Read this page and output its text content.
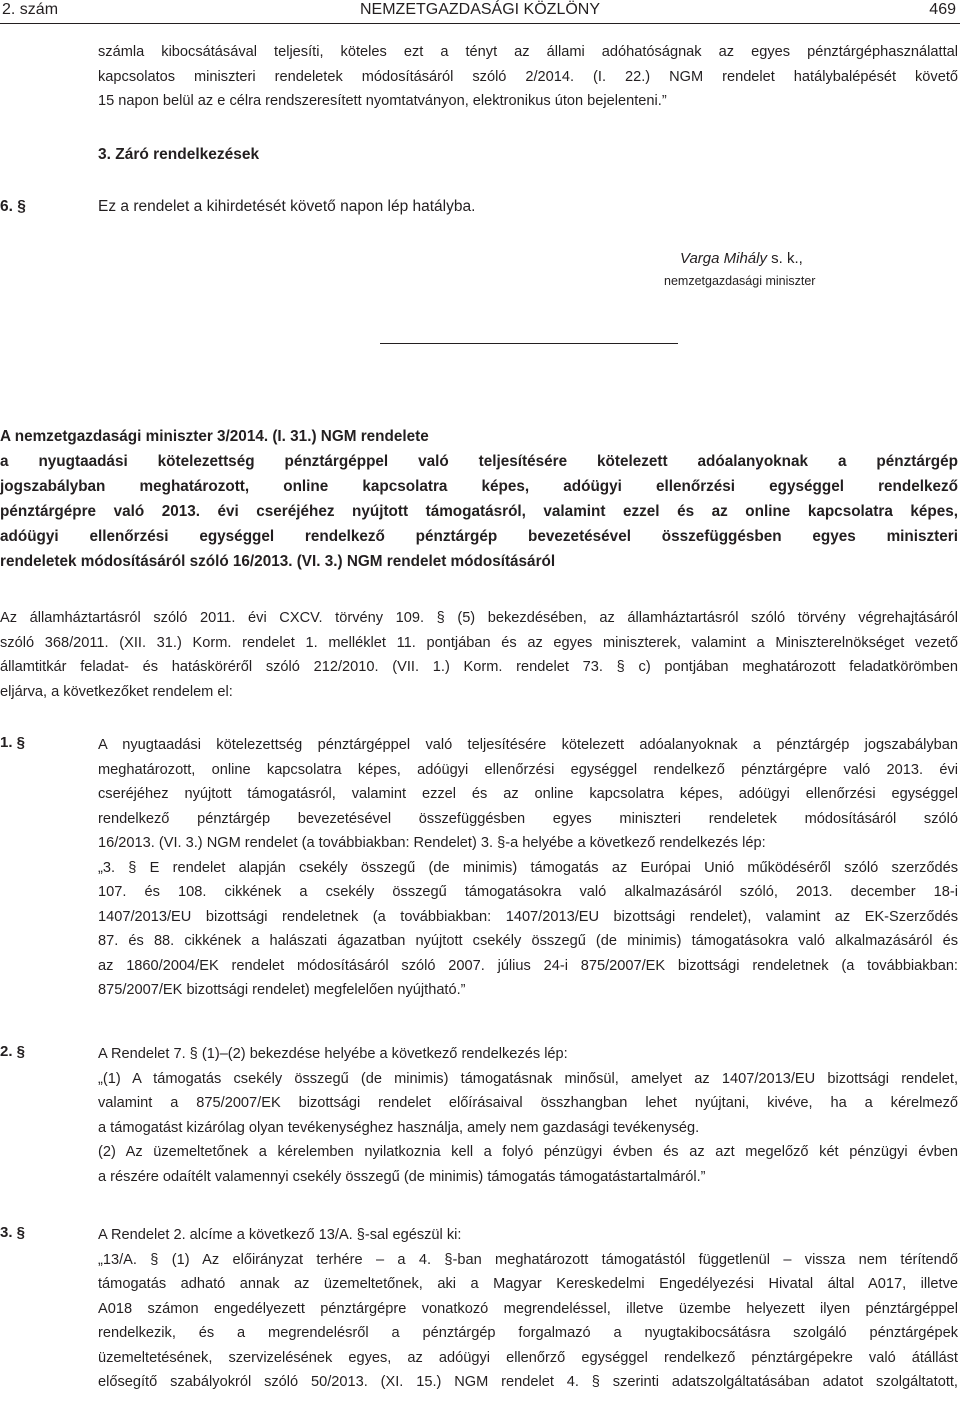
2. szám	NEMZETGAZDASÁGI KÖZLÖNY	469

számla kibocsátásával teljesíti, köteles ezt a tényt az állami adóhatóságnak az egyes pénztárgéphasználattal

kapcsolatos miniszteri rendeletek módosításáról szóló 2/2014. (I. 22.) NGM rendelet hatálybalépését követő

15 napon belül az e célra rendszeresített nyomtatványon, elektronikus úton bejelenteni.”

3. Záró rendelkezések
6. §	Ez a rendelet a kihirdetését követő napon lép hatályba.
Varga Mihály s. k.,
nemzetgazdasági miniszter

A nemzetgazdasági miniszter 3/2014. (I. 31.) NGM rendelete

a nyugtaadási kötelezettség pénztárgéppel való teljesítésére kötelezett adóalanyoknak a pénztárgép

jogszabályban meghatározott, online kapcsolatra képes, adóügyi ellenőrzési egységgel rendelkező

pénztárgépre való 2013. évi cseréjéhez nyújtott támogatásról, valamint ezzel és az online kapcsolatra képes,

adóügyi ellenőrzési egységgel rendelkező pénztárgép bevezetésével összefüggésben egyes miniszteri

rendeletek módosításáról szóló 16/2013. (VI. 3.) NGM rendelet módosításáról

Az államháztartásról szóló 2011. évi CXCV. törvény 109. § (5) bekezdésében, az államháztartásról szóló törvény végrehajtásáról

szóló 368/2011. (XII. 31.) Korm. rendelet 1. melléklet 11. pontjában és az egyes miniszterek, valamint a Miniszterelnökséget vezető

államtitkár feladat- és hatásköréről szóló 212/2010. (VII. 1.) Korm. rendelet 73. § c) pontjában meghatározott feladatkörömben

eljárva, a következőket rendelem el:

1. §	A nyugtaadási kötelezettség pénztárgéppel való teljesítésére kötelezett adóalanyoknak a pénztárgép jogszabályban

meghatározott, online kapcsolatra képes, adóügyi ellenőrzési egységgel rendelkező pénztárgépre való 2013. évi

cseréjéhez nyújtott támogatásról, valamint ezzel és az online kapcsolatra képes, adóügyi ellenőrzési egységgel

rendelkező pénztárgép bevezetésével összefüggésben egyes miniszteri rendeletek módosításáról szóló

16/2013. (VI. 3.) NGM rendelet (a továbbiakban: Rendelet) 3. §-a helyébe a következő rendelkezés lép:

„3. § E rendelet alapján csekély összegű (de minimis) támogatás az Európai Unió működéséről szóló szerződés

107. és 108. cikkének a csekély összegű támogatásokra való alkalmazásáról szóló, 2013. december 18-i

1407/2013/EU bizottsági rendeletnek (a továbbiakban: 1407/2013/EU bizottsági rendelet), valamint az EK-Szerződés

87. és 88. cikkének a halászati ágazatban nyújtott csekély összegű (de minimis) támogatásokra való alkalmazásáról és

az 1860/2004/EK rendelet módosításáról szóló 2007. július 24-i 875/2007/EK bizottsági rendeletnek (a továbbiakban:

875/2007/EK bizottsági rendelet) megfelelően nyújtható.”

2. §	A Rendelet 7. § (1)–(2) bekezdése helyébe a következő rendelkezés lép:

„(1) A támogatás csekély összegű (de minimis) támogatásnak minősül, amelyet az 1407/2013/EU bizottsági rendelet,

valamint a 875/2007/EK bizottsági rendelet előírásaival összhangban lehet nyújtani, kivéve, ha a kérelmező

a támogatást kizárólag olyan tevékenységhez használja, amely nem gazdasági tevékenység.

(2) Az üzemeltetőnek a kérelemben nyilatkoznia kell a folyó pénzügyi évben és az azt megelőző két pénzügyi évben

a részére odaítélt valamennyi csekély összegű (de minimis) támogatás támogatástartalmáról.”

3. §	A Rendelet 2. alcíme a következő 13/A. §-sal egészül ki:

„13/A. § (1) Az előirányzat terhére – a 4. §-ban meghatározott támogatástól függetlenül – vissza nem térítendő

támogatás adható annak az üzemeltetőnek, aki a Magyar Kereskedelmi Engedélyezési Hivatal által A017, illetve

A018 számon engedélyezett pénztárgépre vonatkozó megrendeléssel, illetve üzembe helyezett ilyen pénztárgéppel

rendelkezik, és a megrendelésről a pénztárgép forgalmazó a nyugtakibocsátásra szolgáló pénztárgépek

üzemeltetésének, szervizelésének egyes, az adóügyi ellenőrző egységgel rendelkező pénztárgépekre való átállást

elősegítő szabályokról szóló 50/2013. (XI. 15.) NGM rendelet 4. § szerinti adatszolgáltatásában adatot szolgáltatott,
